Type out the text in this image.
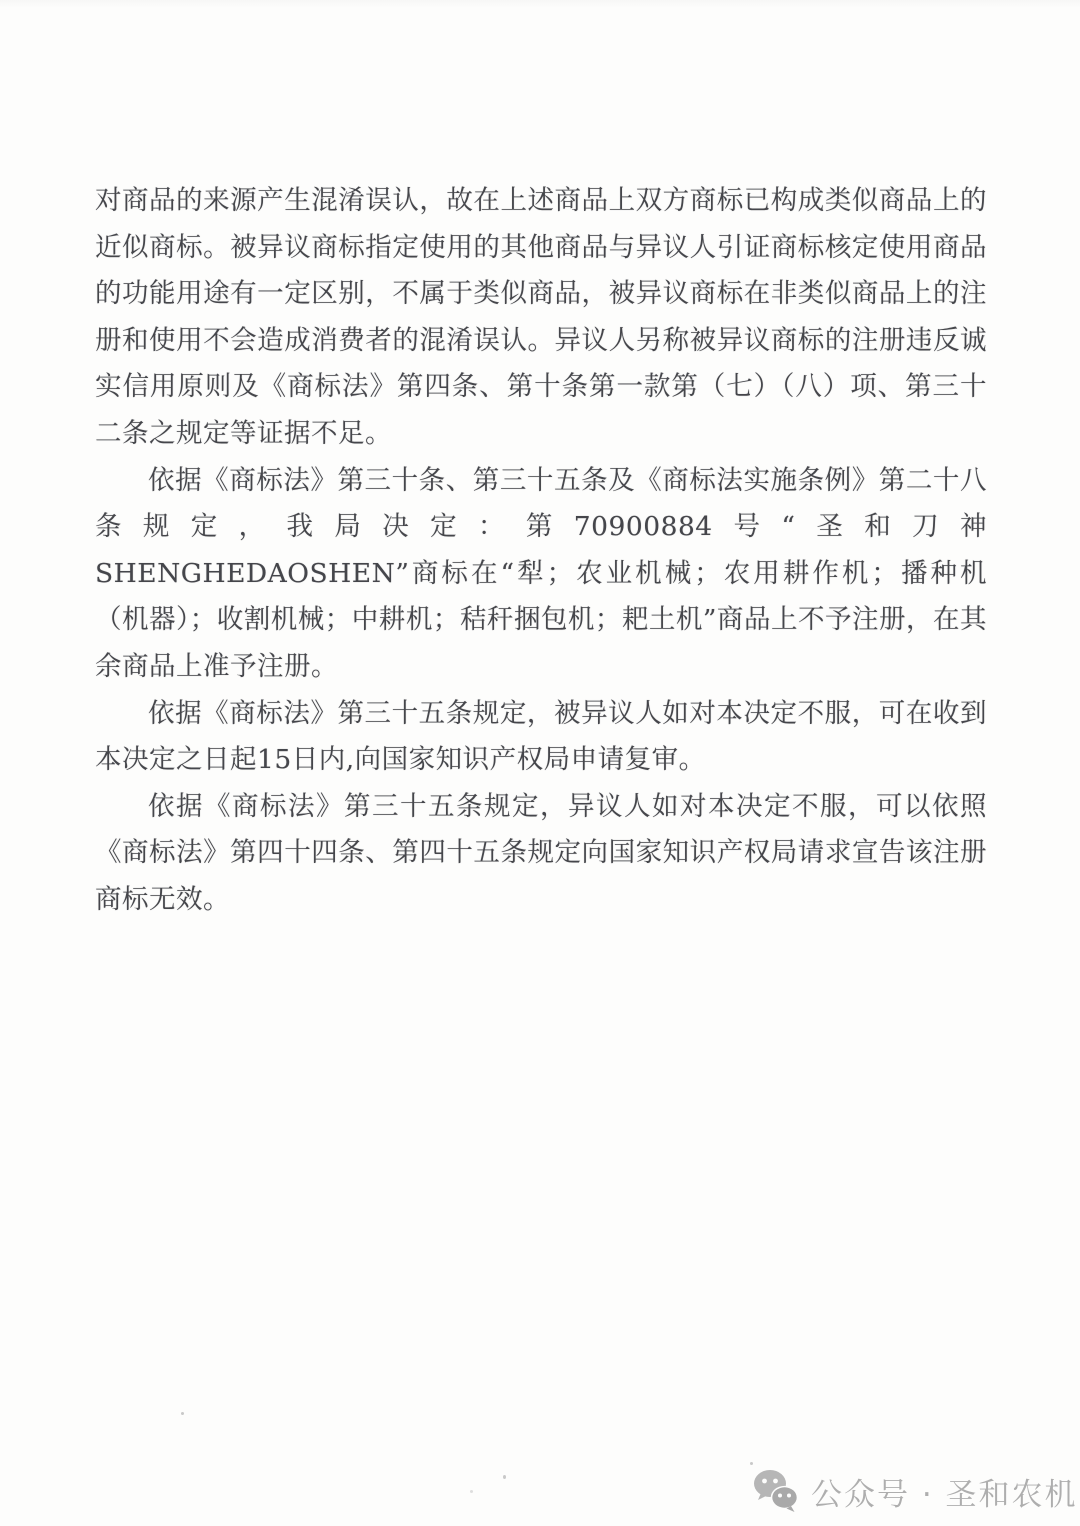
对商品的来源产生混淆误认，故在上述商品上双方商标已构成类似商品上的近似商标。被异议商标指定使用的其他商品与异议人引证商标核定使用商品的功能用途有一定区别，不属于类似商品，被异议商标在非类似商品上的注册和使用不会造成消费者的混淆误认。异议人另称被异议商标的注册违反诚实信用原则及《商标法》第四条、第十条第一款第（七）（八）项、第三十二条之规定等证据不足。

依据《商标法》第三十条、第三十五条及《商标法实施条例》第二十八条规定，我局决定：第70900884号“圣和刀神　SHENGHEDAOSHEN”商标在“犁；农业机械；农用耕作机；播种机（机器）；收割机械；中耕机；秸秆捆包机；耙土机”商品上不予注册，在其余商品上准予注册。

依据《商标法》第三十五条规定，被异议人如对本决定不服，可在收到本决定之日起15日内,向国家知识产权局申请复审。

依据《商标法》第三十五条规定，异议人如对本决定不服，可以依照《商标法》第四十四条、第四十五条规定向国家知识产权局请求宣告该注册商标无效。

公众号 · 圣和农机
